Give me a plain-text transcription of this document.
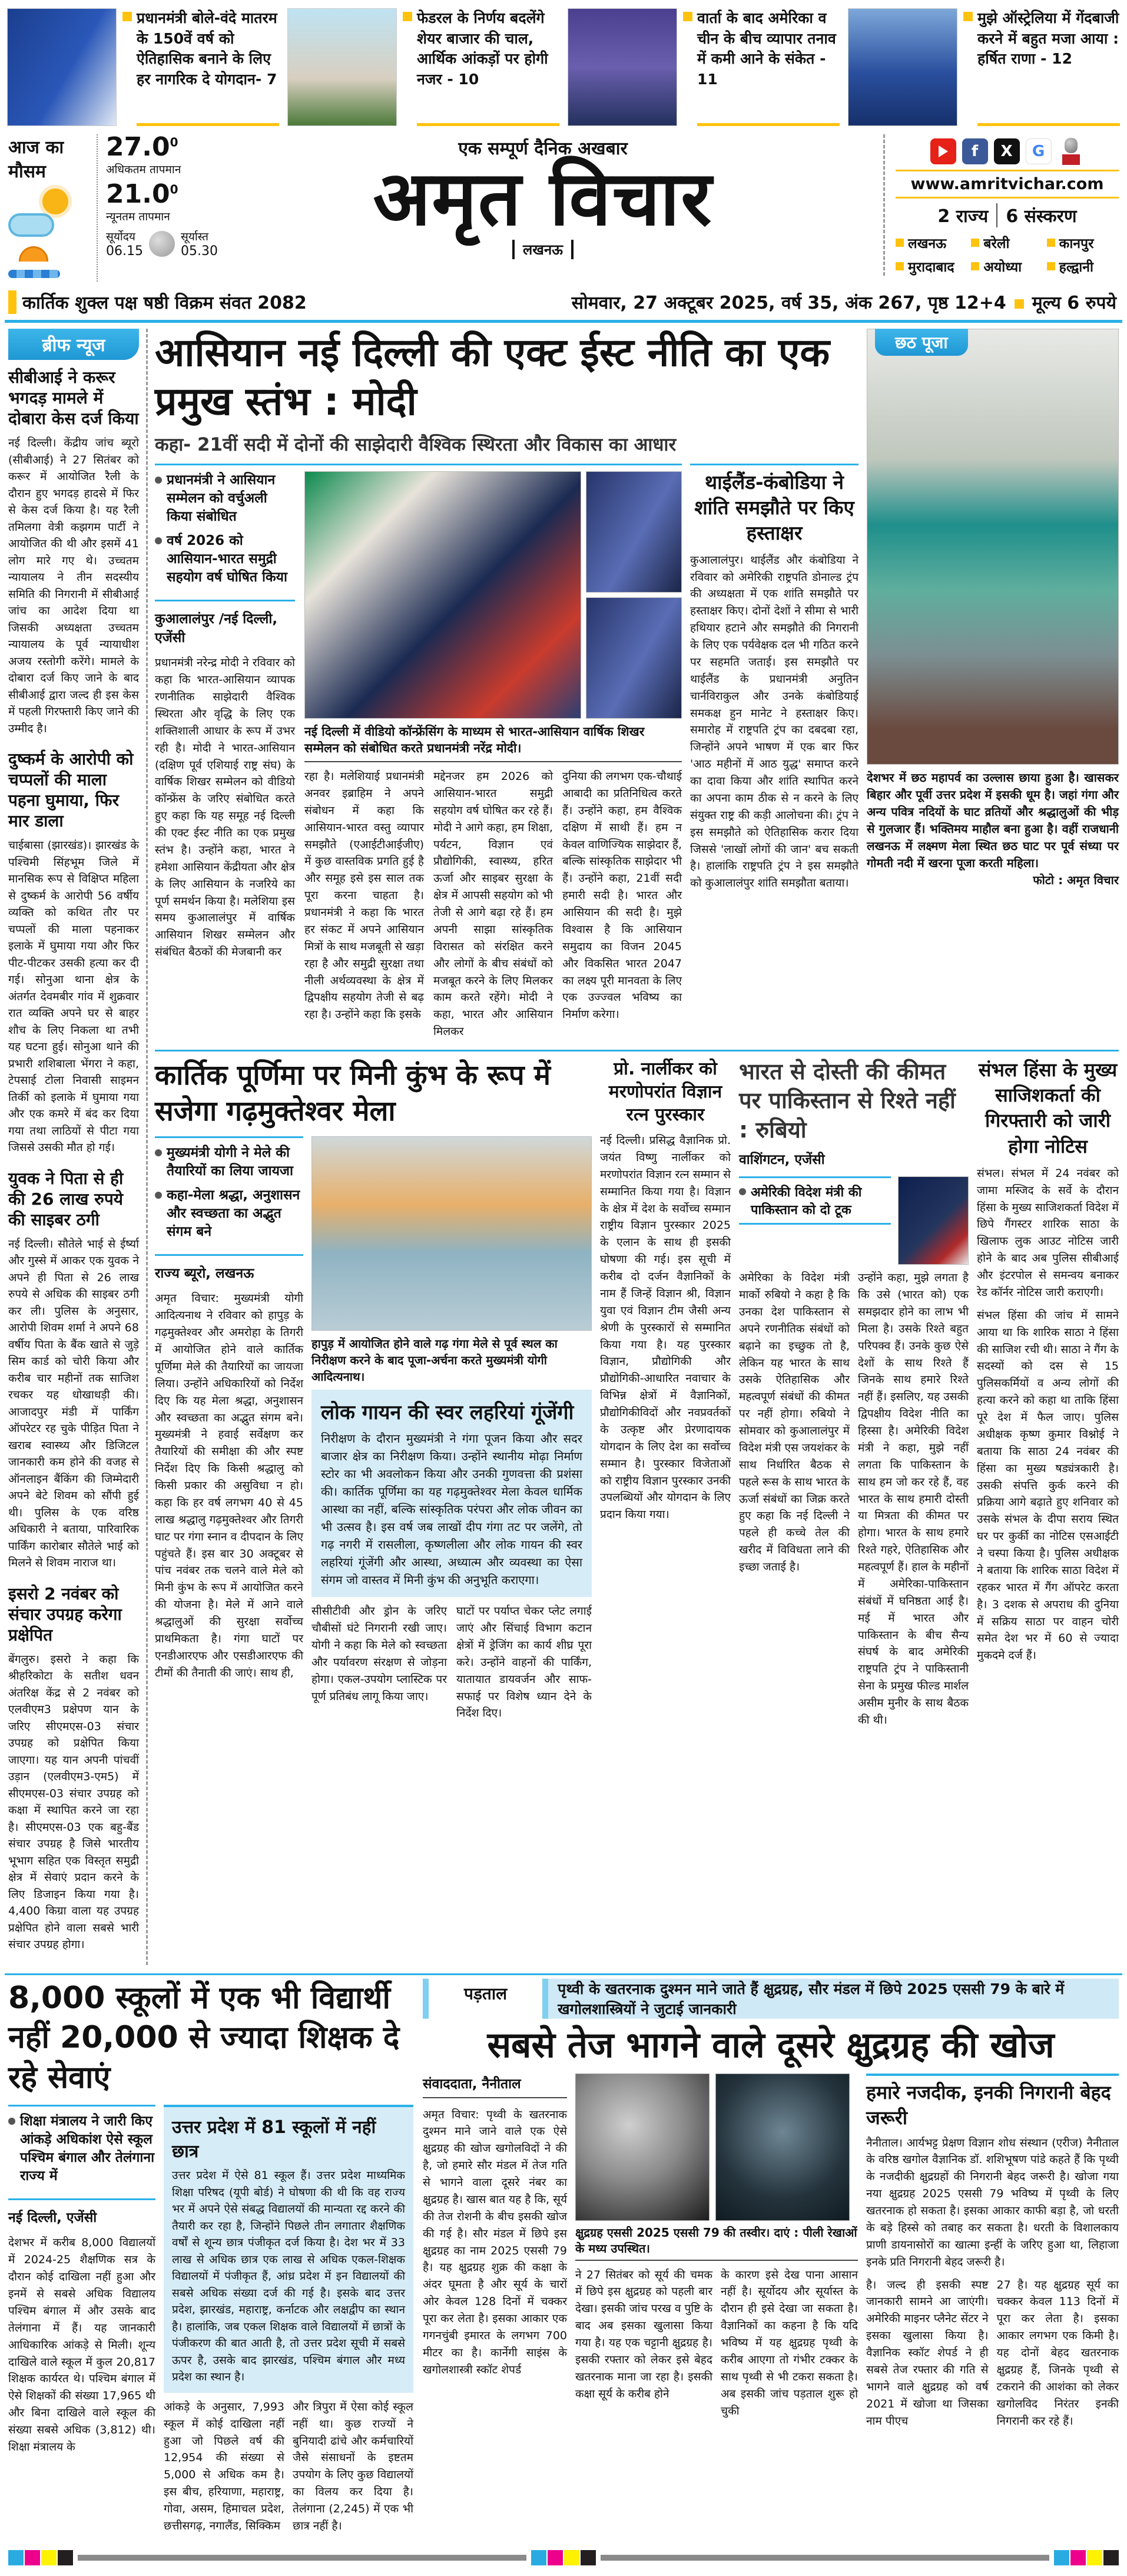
प्रधानमंत्री बोले-वंदे मातरम के 150वें वर्ष को ऐतिहासिक बनाने के लिए हर नागरिक दे योगदान- 7
फेडरल के निर्णय बदलेंगे शेयर बाजार की चाल, आर्थिक आंकड़ों पर होगी नजर - 10
वार्ता के बाद अमेरिका व चीन के बीच व्यापार तनाव में कमी आने के संकेत - 11
मुझे ऑस्ट्रेलिया में गेंदबाजी करने में बहुत मजा आया : हर्षित राणा - 12
आज का मौसम
27.0$^0$
अधिकतम तापमान
21.0$^0$
न्यूनतम तापमान
सूर्योदय
06.15
सूर्यास्त
05.30
एक सम्पूर्ण दैनिक अखबार
अमृत विचार
लखनऊ
f	X	G
www.amritvichar.com
2 राज्य 6 संस्करण
लखनऊ	बरेली	कानपुर
मुरादाबाद अयोध्या	हल्द्वानी
कार्तिक शुक्ल पक्ष षष्ठी विक्रम संवत 2082	सोमवार, 27 अक्टूबर 2025, वर्ष 35, अंक 267, पृष्ठ 12+4 मूल्य 6 रुपये
ब्रीफ न्यूज
सीबीआई ने करूर भगदड़ मामले में दोबारा केस दर्ज किया

नई दिल्ली। केंद्रीय जांच ब्यूरो (सीबीआई) ने 27 सितंबर को करूर में आयोजित रैली के दौरान हुए भगदड़ हादसे में फिर से केस दर्ज किया है। यह रैली तमिलगा वेत्री कझगम पार्टी ने आयोजित की थी और इसमें 41 लोग मारे गए थे। उच्चतम न्यायालय ने तीन सदस्यीय समिति की निगरानी में सीबीआई जांच का आदेश दिया था जिसकी अध्यक्षता उच्चतम न्यायालय के पूर्व न्यायाधीश अजय रस्तोगी करेंगे। मामले के दोबारा दर्ज किए जाने के बाद सीबीआई द्वारा जल्द ही इस केस में पहली गिरफ्तारी किए जाने की उम्मीद है।

दुष्कर्म के आरोपी को चप्पलों की माला पहना घुमाया, फिर मार डाला

चाईबासा (झारखंड)। झारखंड के पश्चिमी सिंहभूम जिले में मानसिक रूप से विक्षिप्त महिला से दुष्कर्म के आरोपी 56 वर्षीय व्यक्ति को कथित तौर पर चप्पलों की माला पहनाकर इलाके में घुमाया गया और फिर पीट-पीटकर उसकी हत्या कर दी गई। सोनुआ थाना क्षेत्र के अंतर्गत देवमबीर गांव में शुक्रवार रात व्यक्ति अपने घर से बाहर शौच के लिए निकला था तभी यह घटना हुई। सोनुआ थाने की प्रभारी शशिबाला भेंगरा ने कहा, टेपसाई टोला निवासी साइमन तिर्की को इलाके में घुमाया गया और एक कमरे में बंद कर दिया गया तथा लाठियों से पीटा गया जिससे उसकी मौत हो गई।

युवक ने पिता से ही की 26 लाख रुपये की साइबर ठगी

नई दिल्ली। सौतेले भाई से ईर्ष्या और गुस्से में आकर एक युवक ने अपने ही पिता से 26 लाख रुपये से अधिक की साइबर ठगी कर ली। पुलिस के अनुसार, आरोपी शिवम शर्मा ने अपने 68 वर्षीय पिता के बैंक खाते से जुड़े सिम कार्ड को चोरी किया और करीब चार महीनों तक साजिश रचकर यह धोखाधड़ी की। आजादपुर मंडी में पार्किंग ऑपरेटर रह चुके पीड़ित पिता ने खराब स्वास्थ्य और डिजिटल जानकारी कम होने की वजह से ऑनलाइन बैंकिंग की जिम्मेदारी अपने बेटे शिवम को सौंपी हुई थी। पुलिस के एक वरिष्ठ अधिकारी ने बताया, पारिवारिक पार्किंग कारोबार सौतेले भाई को मिलने से शिवम नाराज था।

इसरो 2 नवंबर को संचार उपग्रह करेगा प्रक्षेपित

बेंगलुरु। इसरो ने कहा कि श्रीहरिकोटा के सतीश धवन अंतरिक्ष केंद्र से 2 नवंबर को एलवीएम3 प्रक्षेपण यान के जरिए सीएमएस-03 संचार उपग्रह को प्रक्षेपित किया जाएगा। यह यान अपनी पांचवीं उड़ान (एलवीएम3-एम5) में सीएमएस-03 संचार उपग्रह को कक्षा में स्थापित करने जा रहा है। सीएमएस-03 एक बहु-बैंड संचार उपग्रह है जिसे भारतीय भूभाग सहित एक विस्तृत समुद्री क्षेत्र में सेवाएं प्रदान करने के लिए डिजाइन किया गया है। 4,400 किग्रा वाला यह उपग्रह प्रक्षेपित होने वाला सबसे भारी संचार उपग्रह होगा।

आसियान नई दिल्ली की एक्ट ईस्ट नीति का एक प्रमुख स्तंभ : मोदी
कहा- 21वीं सदी में दोनों की साझेदारी वैश्विक स्थिरता और विकास का आधार
प्रधानमंत्री ने आसियान सम्मेलन को वर्चुअली किया संबोधित
वर्ष 2026 को आसियान-भारत समुद्री सहयोग वर्ष घोषित किया
कुआलालंपुर /नई दिल्ली, एजेंसी
प्रधानमंत्री नरेन्द्र मोदी ने रविवार को कहा कि भारत-आसियान व्यापक रणनीतिक साझेदारी वैश्विक स्थिरता और वृद्धि के लिए एक शक्तिशाली आधार के रूप में उभर रही है। मोदी ने भारत-आसियान (दक्षिण पूर्व एशियाई राष्ट्र संघ) के वार्षिक शिखर सम्मेलन को वीडियो कॉन्फ्रेंस के जरिए संबोधित करते हुए कहा कि यह समूह नई दिल्ली की एक्ट ईस्ट नीति का एक प्रमुख स्तंभ है। उन्होंने कहा, भारत ने हमेशा आसियान केंद्रीयता और क्षेत्र के लिए आसियान के नजरिये का पूर्ण समर्थन किया है। मलेशिया इस समय कुआलालंपुर में वार्षिक आसियान शिखर सम्मेलन और संबंधित बैठकों की मेजबानी कर
नई दिल्ली में वीडियो कॉन्फ्रेंसिंग के माध्यम से भारत-आसियान वार्षिक शिखर सम्मेलन को संबोधित करते प्रधानमंत्री नरेंद्र मोदी।
रहा है। मलेशियाई प्रधानमंत्री अनवर इब्राहिम ने अपने संबोधन में कहा कि आसियान-भारत वस्तु व्यापार समझौते (एआईटीआईजीए) में कुछ वास्तविक प्रगति हुई है और समूह इसे इस साल तक पूरा करना चाहता है। प्रधानमंत्री ने कहा कि भारत हर संकट में अपने आसियान मित्रों के साथ मजबूती से खड़ा रहा है और समुद्री सुरक्षा तथा नीली अर्थव्यवस्था के क्षेत्र में द्विपक्षीय सहयोग तेजी से बढ़ रहा है। उन्होंने कहा कि इसके
मद्देनजर हम 2026 को आसियान-भारत समुद्री सहयोग वर्ष घोषित कर रहे हैं। मोदी ने आगे कहा, हम शिक्षा, पर्यटन, विज्ञान एवं प्रौद्योगिकी, स्वास्थ्य, हरित ऊर्जा और साइबर सुरक्षा के क्षेत्र में आपसी सहयोग को भी तेजी से आगे बढ़ा रहे हैं। हम अपनी साझा सांस्कृतिक विरासत को संरक्षित करने और लोगों के बीच संबंधों को मजबूत करने के लिए मिलकर काम करते रहेंगे। मोदी ने कहा, भारत और आसियान मिलकर
दुनिया की लगभग एक-चौथाई आबादी का प्रतिनिधित्व करते हैं। उन्होंने कहा, हम वैश्विक दक्षिण में साथी हैं। हम न केवल वाणिज्यिक साझेदार हैं, बल्कि सांस्कृतिक साझेदार भी हैं। उन्होंने कहा, 21वीं सदी हमारी सदी है। भारत और आसियान की सदी है। मुझे विश्वास है कि आसियान समुदाय का विजन 2045 और विकसित भारत 2047 का लक्ष्य पूरी मानवता के लिए एक उज्ज्वल भविष्य का निर्माण करेगा।
थाईलैंड-कंबोडिया ने शांति समझौते पर किए हस्ताक्षर
कुआलालंपुर। थाईलैंड और कंबोडिया ने रविवार को अमेरिकी राष्ट्रपति डोनाल्ड ट्रंप की अध्यक्षता में एक शांति समझौते पर हस्ताक्षर किए। दोनों देशों ने सीमा से भारी हथियार हटाने और समझौते की निगरानी के लिए एक पर्यवेक्षक दल भी गठित करने पर सहमति जताई। इस समझौते पर थाईलैंड के प्रधानमंत्री अनुतिन चार्नविराकुल और उनके कंबोडियाई समकक्ष हुन मानेट ने हस्ताक्षर किए। समारोह में राष्ट्रपति ट्रंप का दबदबा रहा, जिन्होंने अपने भाषण में एक बार फिर 'आठ महीनों में आठ युद्ध' समाप्त करने का दावा किया और शांति स्थापित करने का अपना काम ठीक से न करने के लिए संयुक्त राष्ट्र की कड़ी आलोचना की। ट्रंप ने इस समझौते को ऐतिहासिक करार दिया जिससे 'लाखों लोगों की जान' बच सकती है। हालांकि राष्ट्रपति ट्रंप ने इस समझौते को कुआलालंपुर शांति समझौता बताया।
छठ पूजा
देशभर में छठ महापर्व का उल्लास छाया हुआ है। खासकर बिहार और पूर्वी उत्तर प्रदेश में इसकी धूम है। जहां गंगा और अन्य पवित्र नदियों के घाट व्रतियों और श्रद्धालुओं की भीड़ से गुलजार हैं। भक्तिमय माहौल बना हुआ है। वहीं राजधानी लखनऊ में लक्ष्मण मेला स्थित छठ घाट पर पूर्व संध्या पर गोमती नदी में खरना पूजा करती महिला।
फोटो : अमृत विचार
कार्तिक पूर्णिमा पर मिनी कुंभ के रूप में सजेगा गढ़मुक्तेश्वर मेला
मुख्यमंत्री योगी ने मेले की तैयारियों का लिया जायजा
कहा-मेला श्रद्धा, अनुशासन और स्वच्छता का अद्भुत संगम बने
राज्य ब्यूरो, लखनऊ
अमृत विचार: मुख्यमंत्री योगी आदित्यनाथ ने रविवार को हापुड़ के गढ़मुक्तेश्वर और अमरोहा के तिगरी में आयोजित होने वाले कार्तिक पूर्णिमा मेले की तैयारियों का जायजा लिया। उन्होंने अधिकारियों को निर्देश दिए कि यह मेला श्रद्धा, अनुशासन और स्वच्छता का अद्भुत संगम बने। मुख्यमंत्री ने हवाई सर्वेक्षण कर तैयारियों की समीक्षा की और स्पष्ट निर्देश दिए कि किसी श्रद्धालु को किसी प्रकार की असुविधा न हो। कहा कि हर वर्ष लगभग 40 से 45 लाख श्रद्धालु गढ़मुक्तेश्वर और तिगरी घाट पर गंगा स्नान व दीपदान के लिए पहुंचते हैं। इस बार 30 अक्टूबर से पांच नवंबर तक चलने वाले मेले को मिनी कुंभ के रूप में आयोजित करने की योजना है। मेले में आने वाले श्रद्धालुओं की सुरक्षा सर्वोच्च प्राथमिकता है। गंगा घाटों पर एनडीआरएफ और एसडीआरएफ की टीमों की तैनाती की जाएं। साथ ही,
हापुड़ में आयोजित होने वाले गढ़ गंगा मेले से पूर्व स्थल का निरीक्षण करने के बाद पूजा-अर्चना करते मुख्यमंत्री योगी आदित्यनाथ।
लोक गायन की स्वर लहरियां गूंजेंगी

निरीक्षण के दौरान मुख्यमंत्री ने गंगा पूजन किया और सदर बाजार क्षेत्र का निरीक्षण किया। उन्होंने स्थानीय मोढ़ा निर्माण स्टोर का भी अवलोकन किया और उनकी गुणवत्ता की प्रशंसा की। कार्तिक पूर्णिमा का यह गढ़मुक्तेश्वर मेला केवल धार्मिक आस्था का नहीं, बल्कि सांस्कृतिक परंपरा और लोक जीवन का भी उत्सव है। इस वर्ष जब लाखों दीप गंगा तट पर जलेंगे, तो गढ़ नगरी में रासलीला, कृष्णलीला और लोक गायन की स्वर लहरियां गूंजेंगी और आस्था, अध्यात्म और व्यवस्था का ऐसा संगम जो वास्तव में मिनी कुंभ की अनुभूति कराएगा।

सीसीटीवी और ड्रोन के जरिए चौबीसों घंटे निगरानी रखी जाए। योगी ने कहा कि मेले को स्वच्छता और पर्यावरण संरक्षण से जोड़ना होगा। एकल-उपयोग प्लास्टिक पर पूर्ण प्रतिबंध लागू किया जाए।
घाटों पर पर्याप्त चेकर प्लेट लगाई जाएं और सिंचाई विभाग कटान क्षेत्रों में ड्रेजिंग का कार्य शीघ्र पूरा करे। उन्होंने वाहनों की पार्किंग, यातायात डायवर्जन और साफ-सफाई पर विशेष ध्यान देने के निर्देश दिए।
प्रो. नार्लीकर को मरणोपरांत विज्ञान रत्न पुरस्कार
नई दिल्ली। प्रसिद्ध वैज्ञानिक प्रो. जयंत विष्णु नार्लीकर को मरणोपरांत विज्ञान रत्न सम्मान से सम्मानित किया गया है। विज्ञान के क्षेत्र में देश के सर्वोच्च सम्मान राष्ट्रीय विज्ञान पुरस्कार 2025 के एलान के साथ ही इसकी घोषणा की गई। इस सूची में करीब दो दर्जन वैज्ञानिकों के नाम हैं जिन्हें विज्ञान श्री, विज्ञान युवा एवं विज्ञान टीम जैसी अन्य श्रेणी के पुरस्कारों से सम्मानित किया गया है। यह पुरस्कार विज्ञान, प्रौद्योगिकी और प्रौद्योगिकी-आधारित नवाचार के विभिन्न क्षेत्रों में वैज्ञानिकों, प्रौद्योगिकीविदों और नवप्रवर्तकों के उत्कृष्ट और प्रेरणादायक योगदान के लिए देश का सर्वोच्च सम्मान है। पुरस्कार विजेताओं को राष्ट्रीय विज्ञान पुरस्कार उनकी उपलब्धियों और योगदान के लिए प्रदान किया गया।
भारत से दोस्ती की कीमत पर पाकिस्तान से रिश्ते नहीं : रुबियो
वाशिंगटन, एजेंसी
अमेरिकी विदेश मंत्री की पाकिस्तान को दो टूक
अमेरिका के विदेश मंत्री मार्को रुबियो ने कहा है कि उनका देश पाकिस्तान से अपने रणनीतिक संबंधों को बढ़ाने का इच्छुक तो है, लेकिन यह भारत के साथ उसके ऐतिहासिक और महत्वपूर्ण संबंधों की कीमत पर नहीं होगा। रुबियो ने सोमवार को कुआलालंपुर में विदेश मंत्री एस जयशंकर के साथ निर्धारित बैठक से पहले रूस के साथ भारत के ऊर्जा संबंधों का जिक्र करते हुए कहा कि नई दिल्ली ने पहले ही कच्चे तेल की खरीद में विविधता लाने की इच्छा जताई है।
उन्होंने कहा, मुझे लगता है कि उसे (भारत को) एक समझदार होने का लाभ भी मिला है। उसके रिश्ते बहुत परिपक्व हैं। उनके कुछ ऐसे देशों के साथ रिश्ते हैं जिनके साथ हमारे रिश्ते नहीं हैं। इसलिए, यह उसकी द्विपक्षीय विदेश नीति का हिस्सा है। अमेरिकी विदेश मंत्री ने कहा, मुझे नहीं लगता कि पाकिस्तान के साथ हम जो कर रहे हैं, वह भारत के साथ हमारी दोस्ती या मित्रता की कीमत पर होगा। भारत के साथ हमारे रिश्ते गहरे, ऐतिहासिक और महत्वपूर्ण हैं। हाल के महीनों में अमेरिका-पाकिस्तान संबंधों में घनिष्ठता आई है। मई में भारत और पाकिस्तान के बीच सैन्य संघर्ष के बाद अमेरिकी राष्ट्रपति ट्रंप ने पाकिस्तानी सेना के प्रमुख फील्ड मार्शल असीम मुनीर के साथ बैठक की थी।
संभल हिंसा के मुख्य साजिशकर्ता की गिरफ्तारी को जारी होगा नोटिस
संभल। संभल में 24 नवंबर को जामा मस्जिद के सर्वे के दौरान हिंसा के मुख्य साजिशकर्ता विदेश में छिपे गैंगस्टर शारिक साठा के खिलाफ लुक आउट नोटिस जारी होने के बाद अब पुलिस सीबीआई और इंटरपोल से समन्वय बनाकर रेड कॉर्नर नोटिस जारी कराएगी।
संभल हिंसा की जांच में सामने आया था कि शारिक साठा ने हिंसा की साजिश रची थी। साठा ने गैंग के सदस्यों को दस से 15 पुलिसकर्मियों व अन्य लोगों की हत्या करने को कहा था ताकि हिंसा पूरे देश में फैल जाए। पुलिस अधीक्षक कृष्ण कुमार विश्नोई ने बताया कि साठा 24 नवंबर की हिंसा का मुख्य षड्यंत्रकारी है। उसकी संपत्ति कुर्क करने की प्रक्रिया आगे बढ़ाते हुए शनिवार को उसके संभल के दीपा सराय स्थित घर पर कुर्की का नोटिस एसआईटी ने चस्पा किया है। पुलिस अधीक्षक ने बताया कि शारिक साठा विदेश में रहकर भारत में गैंग ऑपरेट करता है। 3 दशक से अपराध की दुनिया में सक्रिय साठा पर वाहन चोरी समेत देश भर में 60 से ज्यादा मुकदमे दर्ज हैं।
8,000 स्कूलों में एक भी विद्यार्थी नहीं 20,000 से ज्यादा शिक्षक दे रहे सेवाएं
शिक्षा मंत्रालय ने जारी किए आंकड़े अधिकांश ऐसे स्कूल पश्चिम बंगाल और तेलंगाना राज्य में
नई दिल्ली, एजेंसी
देशभर में करीब 8,000 विद्यालयों में 2024-25 शैक्षणिक सत्र के दौरान कोई दाखिला नहीं हुआ और इनमें से सबसे अधिक विद्यालय पश्चिम बंगाल में और उसके बाद तेलंगाना में हैं। यह जानकारी आधिकारिक आंकड़े से मिली। शून्य दाखिले वाले स्कूल में कुल 20,817 शिक्षक कार्यरत थे। पश्चिम बंगाल में ऐसे शिक्षकों की संख्या 17,965 थी और बिना दाखिले वाले स्कूल की संख्या सबसे अधिक (3,812) थी। शिक्षा मंत्रालय के
उत्तर प्रदेश में 81 स्कूलों में नहीं छात्र

उत्तर प्रदेश में ऐसे 81 स्कूल हैं। उत्तर प्रदेश माध्यमिक शिक्षा परिषद (यूपी बोर्ड) ने घोषणा की थी कि वह राज्य भर में अपने ऐसे संबद्ध विद्यालयों की मान्यता रद्द करने की तैयारी कर रहा है, जिन्होंने पिछले तीन लगातार शैक्षणिक वर्षों से शून्य छात्र पंजीकृत दर्ज किया है। देश भर में 33 लाख से अधिक छात्र एक लाख से अधिक एकल-शिक्षक विद्यालयों में पंजीकृत हैं, आंध्र प्रदेश में इन विद्यालयों की सबसे अधिक संख्या दर्ज की गई है। इसके बाद उत्तर प्रदेश, झारखंड, महाराष्ट्र, कर्नाटक और लक्षद्वीप का स्थान है। हालांकि, जब एकल शिक्षक वाले विद्यालयों में छात्रों के पंजीकरण की बात आती है, तो उत्तर प्रदेश सूची में सबसे ऊपर है, उसके बाद झारखंड, पश्चिम बंगाल और मध्य प्रदेश का स्थान है।

आंकड़े के अनुसार, 7,993 स्कूल में कोई दाखिला नहीं हुआ जो पिछले वर्ष की 12,954 की संख्या से 5,000 से अधिक कम है। इस बीच, हरियाणा, महाराष्ट्र, गोवा, असम, हिमाचल प्रदेश, छत्तीसगढ़, नगालैंड, सिक्किम
और त्रिपुरा में ऐसा कोई स्कूल नहीं था। कुछ राज्यों ने बुनियादी ढांचे और कर्मचारियों जैसे संसाधनों के इष्टतम उपयोग के लिए कुछ विद्यालयों का विलय कर दिया है। तेलंगाना (2,245) में एक भी छात्र नहीं है।
पड़ताल	पृथ्वी के खतरनाक दुश्मन माने जाते हैं क्षुद्रग्रह, सौर मंडल में छिपे 2025 एससी 79 के बारे में खगोलशास्त्रियों ने जुटाई जानकारी
सबसे तेज भागने वाले दूसरे क्षुद्रग्रह की खोज
संवाददाता, नैनीताल
अमृत विचार: पृथ्वी के खतरनाक दुश्मन माने जाने वाले एक ऐसे क्षुद्रग्रह की खोज खगोलविदों ने की है, जो हमारे सौर मंडल में तेज गति से भागने वाला दूसरे नंबर का क्षुद्रग्रह है। खास बात यह है कि, सूर्य की तेज रोशनी के बीच इसकी खोज की गई है। सौर मंडल में छिपे इस क्षुद्रग्रह का नाम 2025 एससी 79 है। यह क्षुद्रग्रह शुक्र की कक्षा के अंदर घूमता है और सूर्य के चारों ओर केवल 128 दिनों में चक्कर पूरा कर लेता है। इसका आकार एक गगनचुंबी इमारत के लगभग 700 मीटर का है। कार्नेगी साइंस के खगोलशास्त्री स्कॉट शेपर्ड
क्षुद्रग्रह एससी 2025 एससी 79 की तस्वीर। दाएं : पीली रेखाओं के मध्य उपस्थित।
ने 27 सितंबर को सूर्य की चमक में छिपे इस क्षुद्रग्रह को पहली बार देखा। इसकी जांच परख व पुष्टि के बाद अब इसका खुलासा किया गया है। यह एक चट्टानी क्षुद्रग्रह है। इसकी रफ्तार को लेकर इसे बेहद खतरनाक माना जा रहा है। इसकी कक्षा सूर्य के करीब होने
के कारण इसे देख पाना आसान नहीं है। सूर्योदय और सूर्यास्त के दौरान ही इसे देखा जा सकता है। वैज्ञानिकों का कहना है कि यदि भविष्य में यह क्षुद्रग्रह पृथ्वी के करीब आएगा तो गंभीर टक्कर के साथ पृथ्वी से भी टकरा सकता है। अब इसकी जांच पड़ताल शुरू हो चुकी
हमारे नजदीक, इनकी निगरानी बेहद जरूरी

नैनीताल। आर्यभट्ट प्रेक्षण विज्ञान शोध संस्थान (एरीज) नैनीताल के वरिष्ठ खगोल वैज्ञानिक डॉ. शशिभूषण पांडे कहते हैं कि पृथ्वी के नजदीकी क्षुद्रग्रहों की निगरानी बेहद जरूरी है। खोजा गया नया क्षुद्रग्रह 2025 एससी 79 भविष्य में पृथ्वी के लिए खतरनाक हो सकता है। इसका आकार काफी बड़ा है, जो धरती के बड़े हिस्से को तबाह कर सकता है। धरती के विशालकाय प्राणी डायनासोरों का खात्मा इन्हीं के जरिए हुआ था, लिहाजा इनके प्रति निगरानी बेहद जरूरी है।

है। जल्द ही इसकी स्पष्ट जानकारी सामने आ जाएंगी। अमेरिकी माइनर प्लैनेट सेंटर ने इसका खुलासा किया है। वैज्ञानिक स्कॉट शेपर्ड ने ही सबसे तेज रफ्तार की गति से भागने वाले क्षुद्रग्रह को वर्ष 2021 में खोजा था जिसका नाम पीएच
27 है। यह क्षुद्रग्रह सूर्य का चक्कर केवल 113 दिनों में पूरा कर लेता है। इसका आकार लगभग एक किमी है। यह दोनों बेहद खतरनाक क्षुद्रग्रह हैं, जिनके पृथ्वी से टकराने की आशंका को लेकर खगोलविद निरंतर इनकी निगरानी कर रहे हैं।
